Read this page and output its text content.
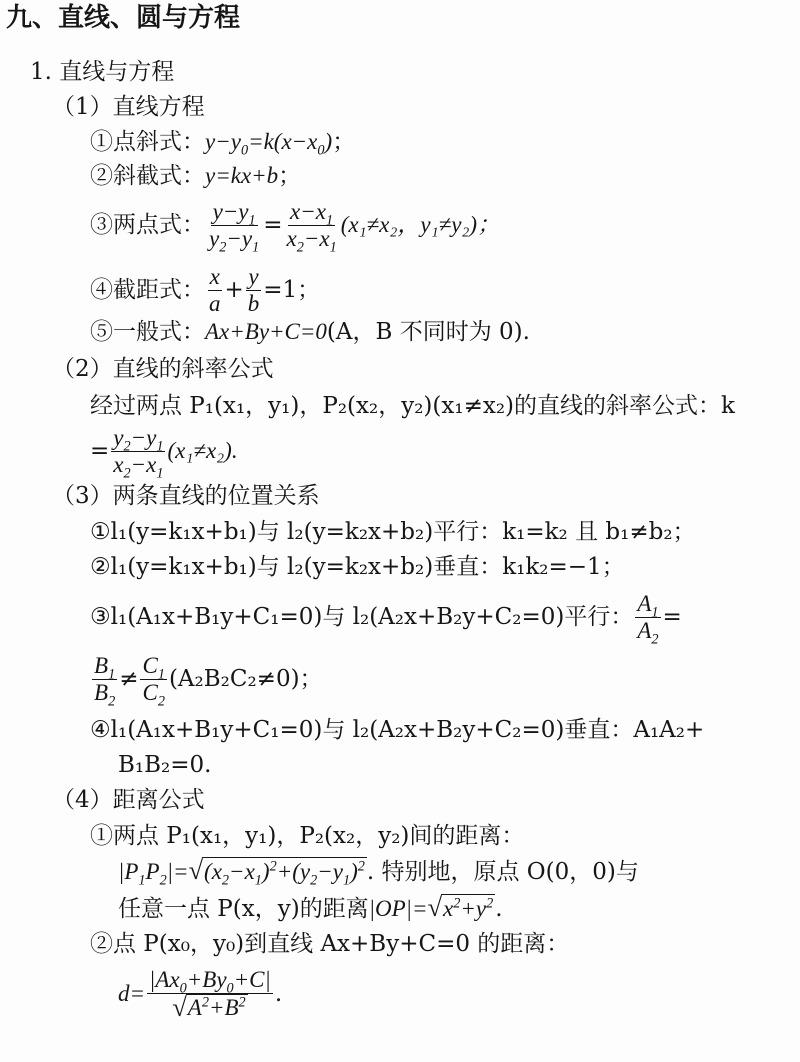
九、直线、圆与方程
1. 直线与方程
（1）直线方程
①点斜式： $y-y_0=k(x-x_0)$ ；
②斜截式： y=kx+b ；
③两点式： $\frac{y-y_1}{y_2-y_1} = \frac{x-x_1}{x_2-x_1} (x_1\ne x_2$，y₁≠y₂)；
④截距式： $\frac{x}{a} + \frac{y}{b} =1$；
⑤一般式： Ax+By+C=0 (A，B 不同时为 0).
（2）直线的斜率公式
经过两点 P₁(x₁，y₁)，P₂(x₂，y₂)(x₁≠x₂)的直线的斜率公式：k
= $\frac{y_2-y_1}{x_2-x_1} (x_1\ne x_2)$.
（3）两条直线的位置关系
①l₁(y=k₁x+b₁)与 l₂(y=k₂x+b₂)平行：k₁=k₂ 且 b₁≠b₂；
②l₁(y=k₁x+b₁)与 l₂(y=k₂x+b₂)垂直：k₁k₂=−1；
③l₁(A₁x+B₁y+C₁=0)与 l₂(A₂x+B₂y+C₂=0)平行： $\frac{A_1}{A_2}$ =
$\frac{B_1}{B_2} \ne \frac{C_1}{C_2} (A_2B_2C_2\ne 0)$；
④l₁(A₁x+B₁y+C₁=0)与 l₂(A₂x+B₂y+C₂=0)垂直：A₁A₂+
B₁B₂=0.
（4）距离公式
①两点 P₁(x₁，y₁)，P₂(x₂，y₂)间的距离：
$|P_1P_2|=$ √ $(x_2-x_1)^2+(y_2-y_1)^2$ . 特别地，原点 O(0，0)与
任意一点 P(x，y)的距离 |OP|= √ $x^2+y^2$ .
②点 P(x₀，y₀)到直线 Ax+By+C=0 的距离：
$d= \frac{|Ax_0+By_0+C|}{√ A^2+B^2}$ .
